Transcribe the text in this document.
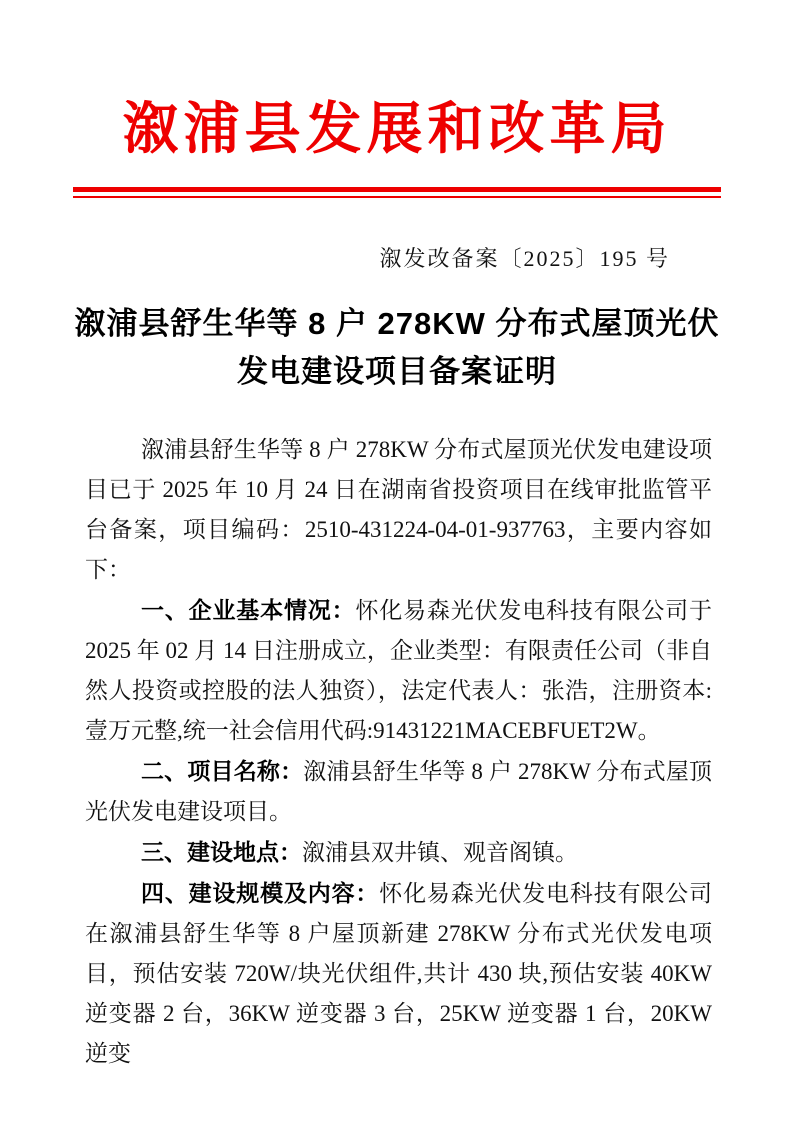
溆浦县发展和改革局
溆发改备案〔2025〕195 号
溆浦县舒生华等 8 户 278KW 分布式屋顶光伏
发电建设项目备案证明

溆浦县舒生华等 8 户 278KW 分布式屋顶光伏发电建设项目已于 2025 年 10 月 24 日在湖南省投资项目在线审批监管平台备案，项目编码：2510-431224-04-01-937763，主要内容如下：

一、企业基本情况：怀化易森光伏发电科技有限公司于 2025 年 02 月 14 日注册成立，企业类型：有限责任公司（非自然人投资或控股的法人独资），法定代表人：张浩，注册资本:壹万元整,统一社会信用代码:91431221MACEBFUET2W。

二、项目名称：溆浦县舒生华等 8 户 278KW 分布式屋顶光伏发电建设项目。

三、建设地点：溆浦县双井镇、观音阁镇。

四、建设规模及内容：怀化易森光伏发电科技有限公司在溆浦县舒生华等 8 户屋顶新建 278KW 分布式光伏发电项目，预估安装 720W/块光伏组件,共计 430 块,预估安装 40KW 逆变器 2 台，36KW 逆变器 3 台，25KW 逆变器 1 台，20KW 逆变
